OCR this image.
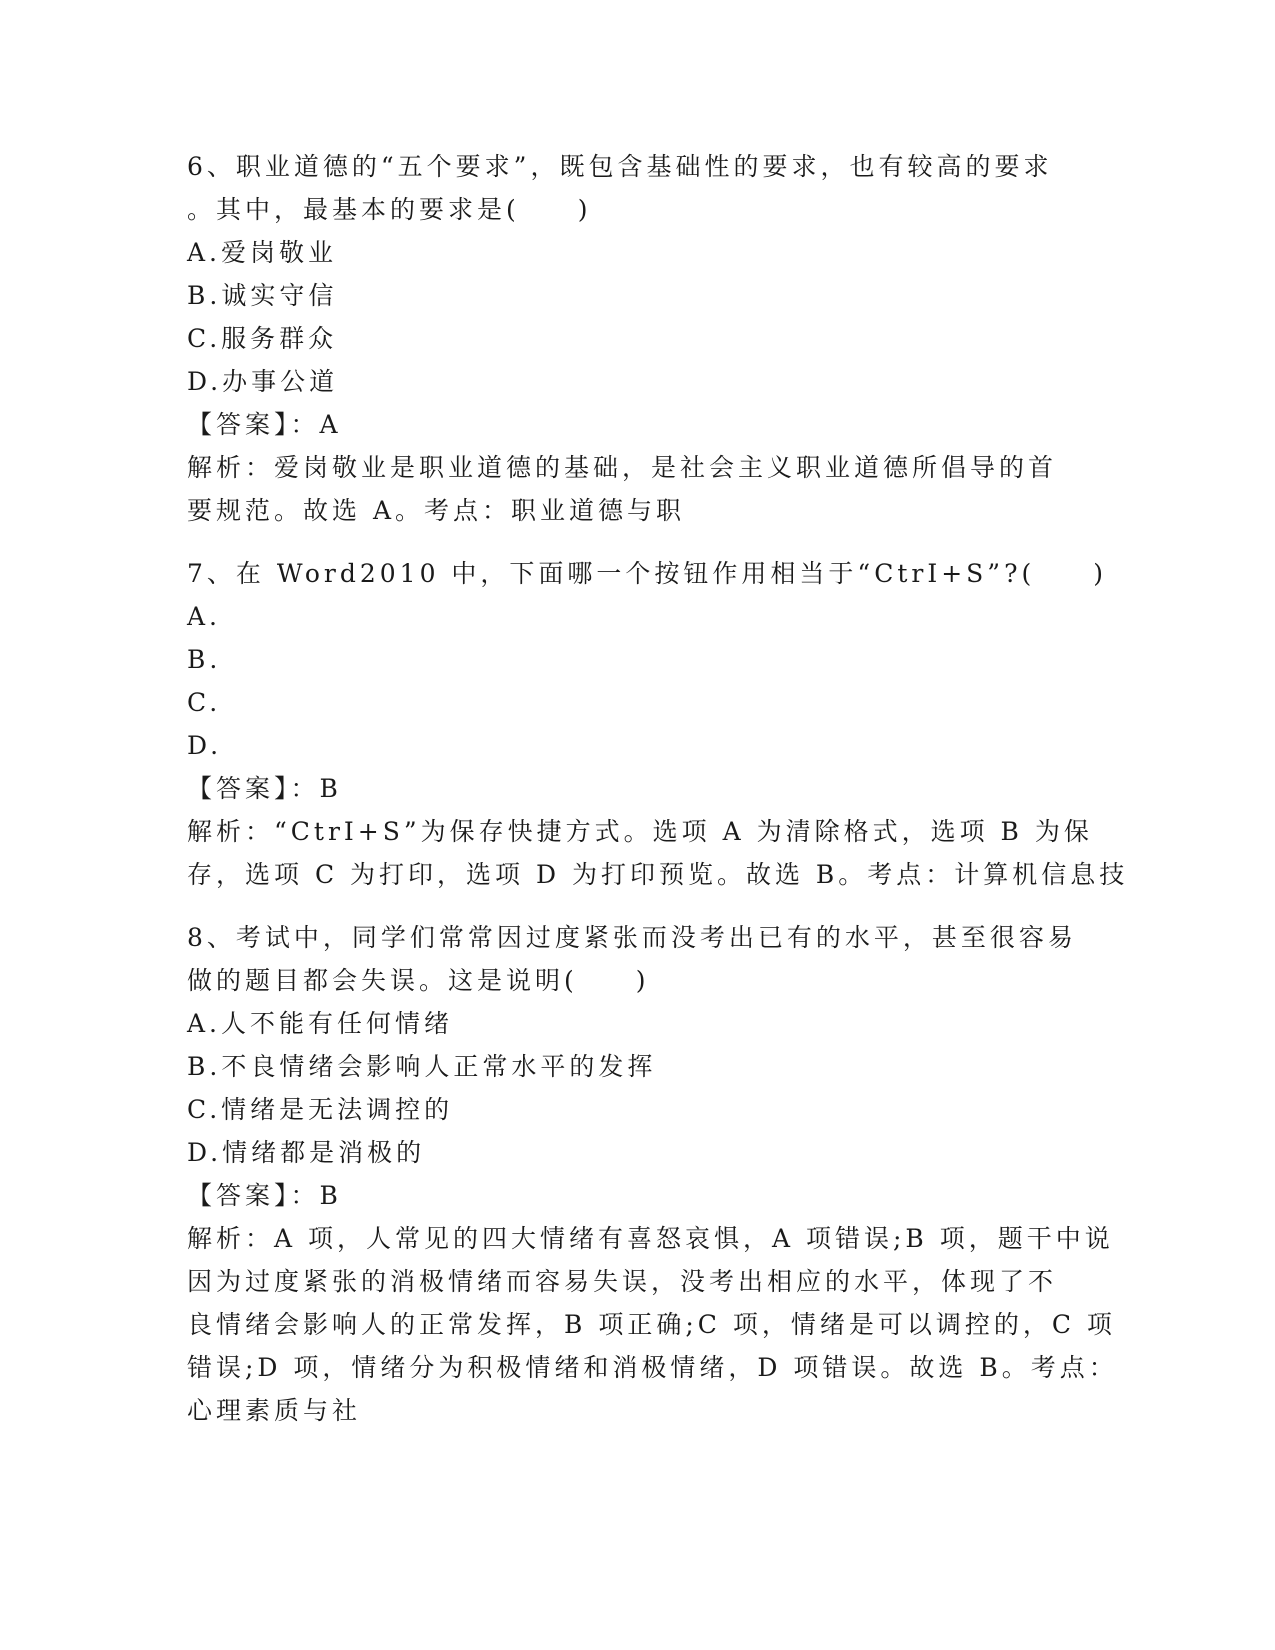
6、职业道德的“五个要求”，既包含基础性的要求，也有较高的要求
。其中，最基本的要求是(　　)
A.爱岗敬业
B.诚实守信
C.服务群众
D.办事公道
【答案】：A
解析：爱岗敬业是职业道德的基础，是社会主义职业道德所倡导的首
要规范。故选 A。考点：职业道德与职
7、在 Word2010 中，下面哪一个按钮作用相当于“CtrI+S”?(　　)
A.
B.
C.
D.
【答案】：B
解析：“CtrI+S”为保存快捷方式。选项 A 为清除格式，选项 B 为保
存，选项 C 为打印，选项 D 为打印预览。故选 B。考点：计算机信息技
8、考试中，同学们常常因过度紧张而没考出已有的水平，甚至很容易
做的题目都会失误。这是说明(　　)
A.人不能有任何情绪
B.不良情绪会影响人正常水平的发挥
C.情绪是无法调控的
D.情绪都是消极的
【答案】：B
解析：A 项，人常见的四大情绪有喜怒哀惧，A 项错误;B 项，题干中说
因为过度紧张的消极情绪而容易失误，没考出相应的水平，体现了不
良情绪会影响人的正常发挥，B 项正确;C 项，情绪是可以调控的，C 项
错误;D 项，情绪分为积极情绪和消极情绪，D 项错误。故选 B。考点：
心理素质与社
